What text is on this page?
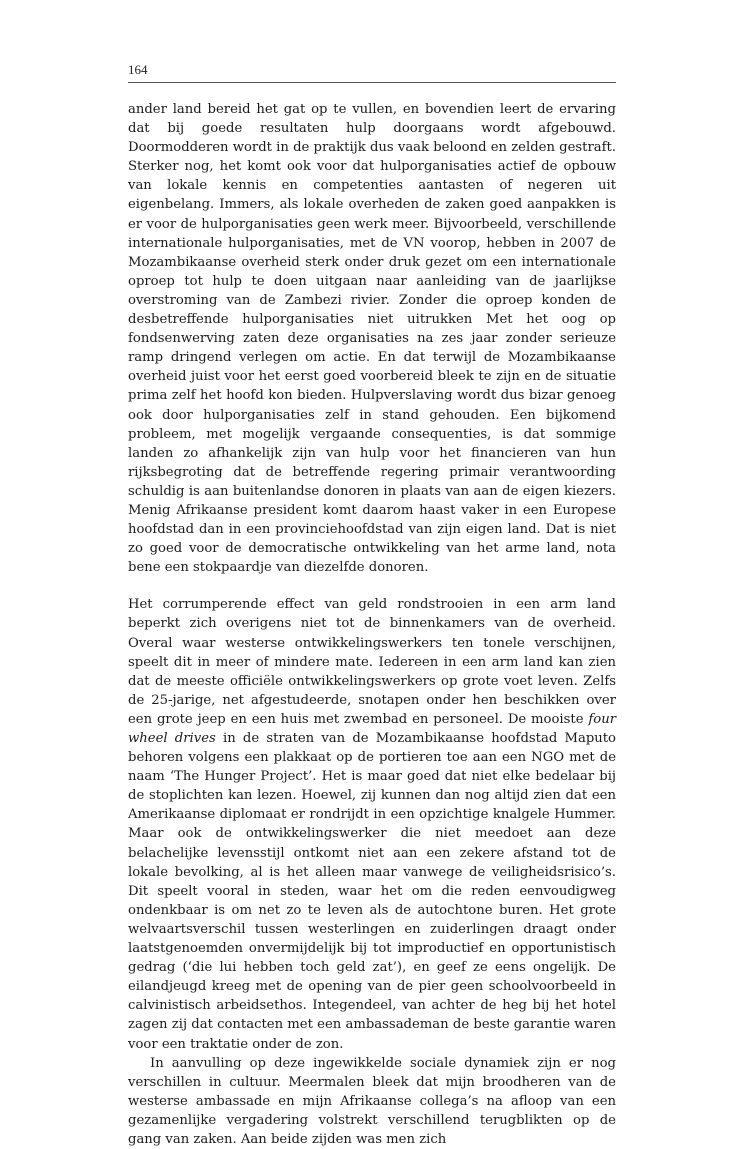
164

ander land bereid het gat op te vullen, en bovendien leert de ervaring dat bij goede resultaten hulp doorgaans wordt afgebouwd. Doormodderen wordt in de praktijk dus vaak beloond en zelden gestraft. Sterker nog, het komt ook voor dat hulporganisaties actief de opbouw van lokale kennis en competenties aantasten of negeren uit eigenbelang. Immers, als lokale overheden de zaken goed aanpakken is er voor de hulporganisaties geen werk meer. Bijvoorbeeld, verschillende internationale hulporganisaties, met de VN voorop, hebben in 2007 de Mozambikaanse overheid sterk onder druk gezet om een internationale oproep tot hulp te doen uitgaan naar aanleiding van de jaarlijkse overstroming van de Zambezi rivier. Zonder die oproep konden de desbetreffende hulporganisaties niet uitrukken Met het oog op fondsenwerving zaten deze organisaties na zes jaar zonder serieuze ramp dringend verlegen om actie. En dat terwijl de Mozambikaanse overheid juist voor het eerst goed voorbereid bleek te zijn en de situatie prima zelf het hoofd kon bieden. Hulpverslaving wordt dus bizar genoeg ook door hulporganisaties zelf in stand gehouden. Een bijkomend probleem, met mogelijk vergaande consequenties, is dat sommige landen zo afhankelijk zijn van hulp voor het financieren van hun rijksbegroting dat de betreffende regering primair verantwoording schuldig is aan buitenlandse donoren in plaats van aan de eigen kiezers. Menig Afrikaanse president komt daarom haast vaker in een Europese hoofdstad dan in een provinciehoofdstad van zijn eigen land. Dat is niet zo goed voor de democratische ontwikkeling van het arme land, nota bene een stokpaardje van diezelfde donoren.

Het corrumperende effect van geld rondstrooien in een arm land beperkt zich overigens niet tot de binnenkamers van de overheid. Overal waar westerse ontwikkelingswerkers ten tonele verschijnen, speelt dit in meer of mindere mate. Iedereen in een arm land kan zien dat de meeste officiële ontwikkelingswerkers op grote voet leven. Zelfs de 25-jarige, net afgestudeerde, snotapen onder hen beschikken over een grote jeep en een huis met zwembad en personeel. De mooiste four wheel drives in de straten van de Mozambikaanse hoofdstad Maputo behoren volgens een plakkaat op de portieren toe aan een NGO met de naam ‘The Hunger Project’. Het is maar goed dat niet elke bedelaar bij de stoplichten kan lezen. Hoewel, zij kunnen dan nog altijd zien dat een Amerikaanse diplomaat er rondrijdt in een opzichtige knalgele Hummer. Maar ook de ontwikkelingswerker die niet meedoet aan deze belachelijke levensstijl ontkomt niet aan een zekere afstand tot de lokale bevolking, al is het alleen maar vanwege de veiligheidsrisico’s. Dit speelt vooral in steden, waar het om die reden eenvoudigweg ondenkbaar is om net zo te leven als de autochtone buren. Het grote welvaartsverschil tussen westerlingen en zuiderlingen draagt onder laatstgenoemden onvermijdelijk bij tot improductief en opportunistisch gedrag (‘die lui hebben toch geld zat’), en geef ze eens ongelijk. De eilandjeugd kreeg met de opening van de pier geen schoolvoorbeeld in calvinistisch arbeidsethos. Integendeel, van achter de heg bij het hotel zagen zij dat contacten met een ambassademan de beste garantie waren voor een traktatie onder de zon.

In aanvulling op deze ingewikkelde sociale dynamiek zijn er nog verschillen in cultuur. Meermalen bleek dat mijn broodheren van de westerse ambassade en mijn Afrikaanse collega’s na afloop van een gezamenlijke vergadering volstrekt verschillend terugblikten op de gang van zaken. Aan beide zijden was men zich
